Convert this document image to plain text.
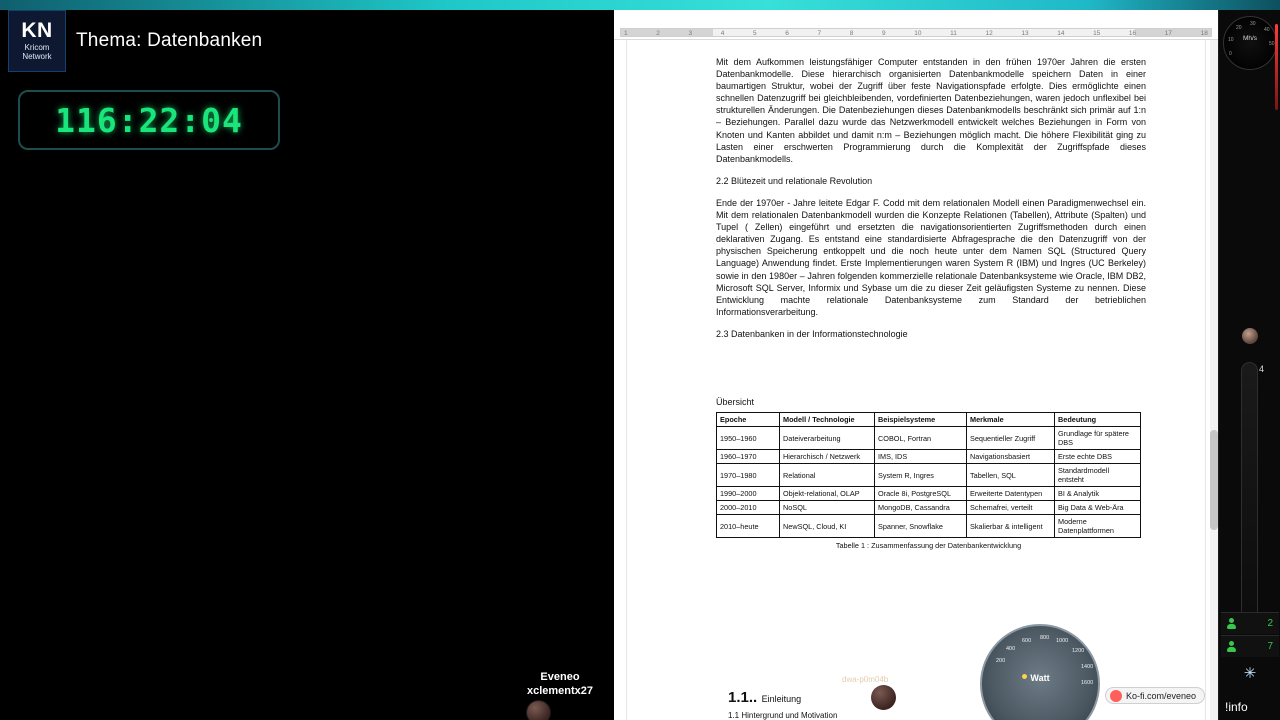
KN
Kricom
Network
Thema: Datenbanken
116:22:04
Eveneo
xclementx27
1	2	3	4	5	6	7	8	9	10	11	12	13	14	15	16	17	18

Mit dem Aufkommen leistungsfähiger Computer entstanden in den frühen 1970er Jahren die ersten Datenbankmodelle. Diese hierarchisch organisierten Datenbankmodelle speichern Daten in einer baumartigen Struktur, wobei der Zugriff über feste Navigationspfade erfolgte. Dies ermöglichte einen schnellen Datenzugriff bei gleichbleibenden, vordefinierten Datenbeziehungen, waren jedoch unflexibel bei strukturellen Änderungen. Die Datenbeziehungen dieses Datenbankmodells beschränkt sich primär auf 1:n – Beziehungen. Parallel dazu wurde das Netzwerkmodell entwickelt welches Beziehungen in Form von Knoten und Kanten abbildet und damit n:m – Beziehungen möglich macht. Die höhere Flexibilität ging zu Lasten einer erschwerten Programmierung durch die Komplexität der Zugriffspfade dieses Datenbankmodells.

2.2 Blütezeit und relationale Revolution

Ende der 1970er - Jahre leitete Edgar F. Codd mit dem relationalen Modell einen Paradigmenwechsel ein. Mit dem relationalen Datenbankmodell wurden die Konzepte Relationen (Tabellen), Attribute (Spalten) und Tupel ( Zellen) eingeführt und ersetzten die navigationsorientierten Zugriffsmethoden durch einen deklarativen Zugang. Es entstand eine standardisierte Abfragesprache die den Datenzugriff von der physischen Speicherung entkoppelt und die noch heute unter dem Namen SQL (Structured Query Language) Anwendung findet. Erste Implementierungen waren System R (IBM) und Ingres (UC Berkeley) sowie in den 1980er – Jahren folgenden kommerzielle relationale Datenbanksysteme wie Oracle, IBM DB2, Microsoft SQL Server, Informix und Sybase um die zu dieser Zeit geläufigsten Systeme zu nennen. Diese Entwicklung machte relationale Datenbanksysteme zum Standard der betrieblichen Informationsverarbeitung.

2.3 Datenbanken in der Informationstechnologie

Übersicht

Epoche	Modell / Technologie	Beispielsysteme	Merkmale	Bedeutung
1950–1960	Dateiverarbeitung	COBOL, Fortran	Sequentieller Zugriff	Grundlage für spätere DBS
1960–1970	Hierarchisch / Netzwerk	IMS, IDS	Navigationsbasiert	Erste echte DBS
1970–1980	Relational	System R, Ingres	Tabellen, SQL	Standardmodell entsteht
1990–2000	Objekt-relational, OLAP	Oracle 8i, PostgreSQL	Erweiterte Datentypen	BI & Analytik
2000–2010	NoSQL	MongoDB, Cassandra	Schemafrei, verteilt	Big Data & Web-Ära
2010–heute	NewSQL, Cloud, KI	Spanner, Snowflake	Skalierbar & intelligent	Moderne Datenplattformen
Tabelle 1 : Zusammenfassung der Datenbankentwicklung
1.1.. Einleitung
1.1 Hintergrund und Motivation
dwa-p0m04b
200
400
600 800 1000
1200
1400
1600
Watt
Ko-fi.com/eveneo
Mh/s
0
10
20
30
40
50
4
2
7
✳
!info
